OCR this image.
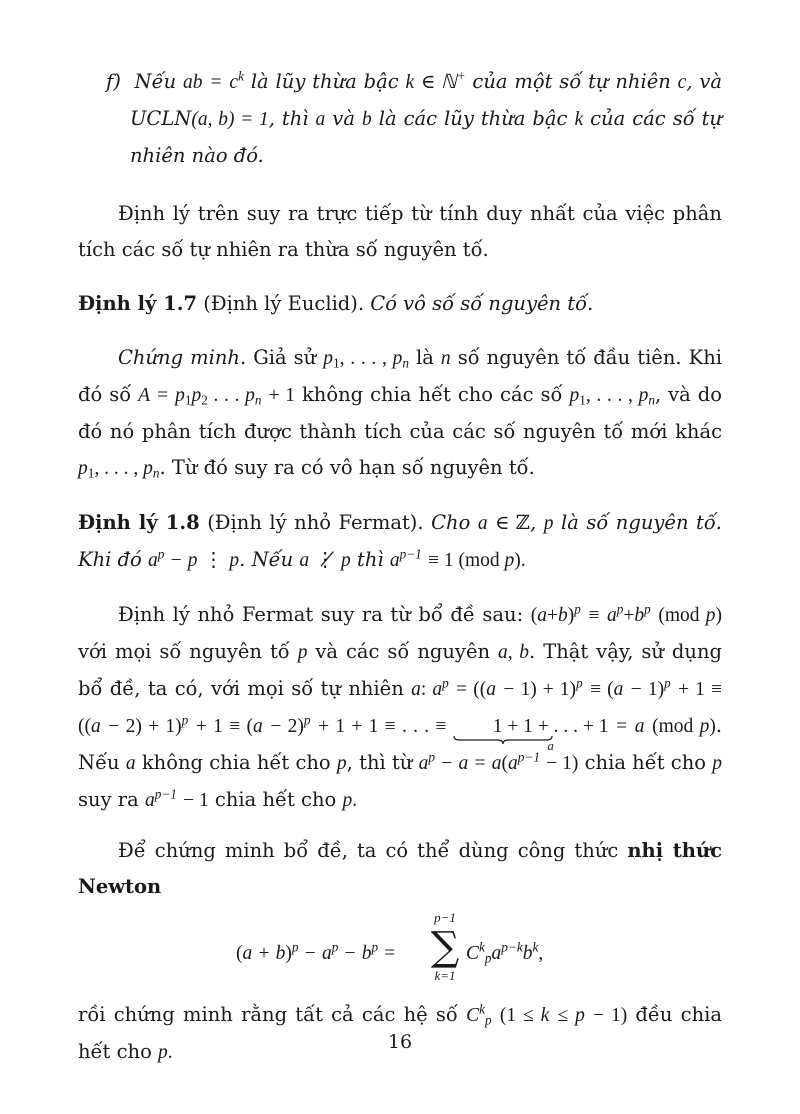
f) Nếu ab = $c^k$ là lũy thừa bậc k ∈ ℕ+ của một số tự nhiên c, và UCLN(a, b) = 1, thì a và b là các lũy thừa bậc k của các số tự nhiên nào đó.

Định lý trên suy ra trực tiếp từ tính duy nhất của việc phân tích các số tự nhiên ra thừa số nguyên tố.

Định lý 1.7 (Định lý Euclid). Có vô số số nguyên tố.

Chứng minh. Giả sử $p_1$, . . . , $p_n$ là n số nguyên tố đầu tiên. Khi đó số $A = p_1p_2$ . . . $p_n + 1$ không chia hết cho các số $p_1$, . . . , $p_n$, và do đó nó phân tích được thành tích của các số nguyên tố mới khác $p_1$, . . . , $p_n$. Từ đó suy ra có vô hạn số nguyên tố.

Định lý 1.8 (Định lý nhỏ Fermat). Cho a ∈ ℤ, p là số nguyên tố. Khi đó $a^p - p$ ⋮ p. Nếu a ⋮̸ p thì $a^{p-1} \equiv 1$ (mod p).

Định lý nhỏ Fermat suy ra từ bổ đề sau: $(a+b)^p \equiv a^p+b^p$ (mod p) với mọi số nguyên tố p và các số nguyên a, b. Thật vậy, sử dụng bổ đề, ta có, với mọi số tự nhiên a: $a^p = ((a - 1) + 1)^p \equiv (a - 1)^p + 1 \equiv ((a - 2) + 1)^p + 1 \equiv (a - 2)^p + 1 + 1$ ≡ . . . ≡ 1 + 1 + . . . + 1
a
= a (mod p). Nếu a không chia hết cho p, thì từ $a^p - a = a(a^{p-1} - 1)$ chia hết cho p suy ra $a^{p-1} - 1$ chia hết cho p.

Để chứng minh bổ đề, ta có thể dùng công thức nhị thức Newton

$(a + b)^p - a^p - b^p$ =
p−1
∑
k=1
$C^k_pa^{p-k}b^k$,

rồi chứng minh rằng tất cả các hệ số $C^k_p$ (1 ≤ k ≤ p − 1) đều chia hết cho p.	16
